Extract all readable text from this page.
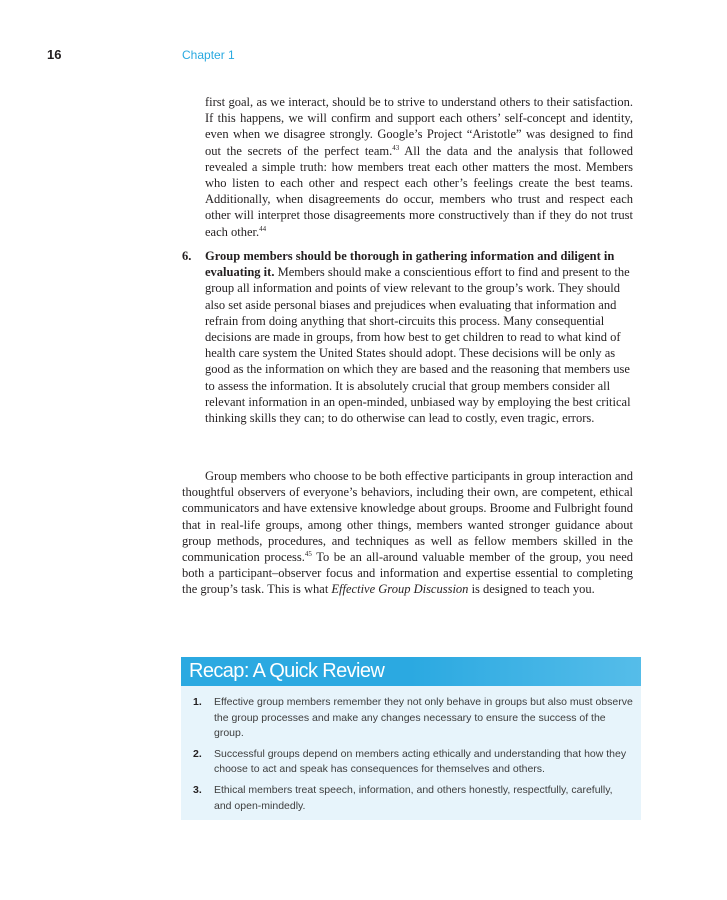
16	Chapter 1

first goal, as we interact, should be to strive to understand others to their satisfaction. If this happens, we will confirm and support each others’ self-concept and identity, even when we disagree strongly. Google’s Project “Aristotle” was designed to find out the secrets of the perfect team.$^{43}$ All the data and the analysis that followed revealed a simple truth: how members treat each other matters the most. Members who listen to each other and respect each other’s feelings create the best teams. Additionally, when disagreements do occur, members who trust and respect each other will interpret those disagreements more constructively than if they do not trust each other.$^{44}$

6. Group members should be thorough in gathering information and diligent in evaluating it. Members should make a conscientious effort to find and present to the group all information and points of view relevant to the group’s work. They should also set aside personal biases and prejudices when evaluating that information and refrain from doing anything that short-circuits this process. Many consequential decisions are made in groups, from how best to get children to read to what kind of health care system the United States should adopt. These decisions will be only as good as the information on which they are based and the reasoning that members use to assess the information. It is absolutely crucial that group members consider all relevant information in an open-minded, unbiased way by employing the best critical thinking skills they can; to do otherwise can lead to costly, even tragic, errors.

Group members who choose to be both effective participants in group interaction and thoughtful observers of everyone’s behaviors, including their own, are competent, ethical communicators and have extensive knowledge about groups. Broome and Fulbright found that in real-life groups, among other things, members wanted stronger guidance about group methods, procedures, and techniques as well as fellow members skilled in the communication process.$^{45}$ To be an all-around valuable member of the group, you need both a participant–observer focus and information and expertise essential to completing the group’s task. This is what Effective Group Discussion is designed to teach you.

Recap: A Quick Review
1. Effective group members remember they not only behave in groups but also must observe the group processes and make any changes necessary to ensure the success of the group.
2. Successful groups depend on members acting ethically and understanding that how they choose to act and speak has consequences for themselves and others.
3. Ethical members treat speech, information, and others honestly, respectfully, carefully, and open-mindedly.
